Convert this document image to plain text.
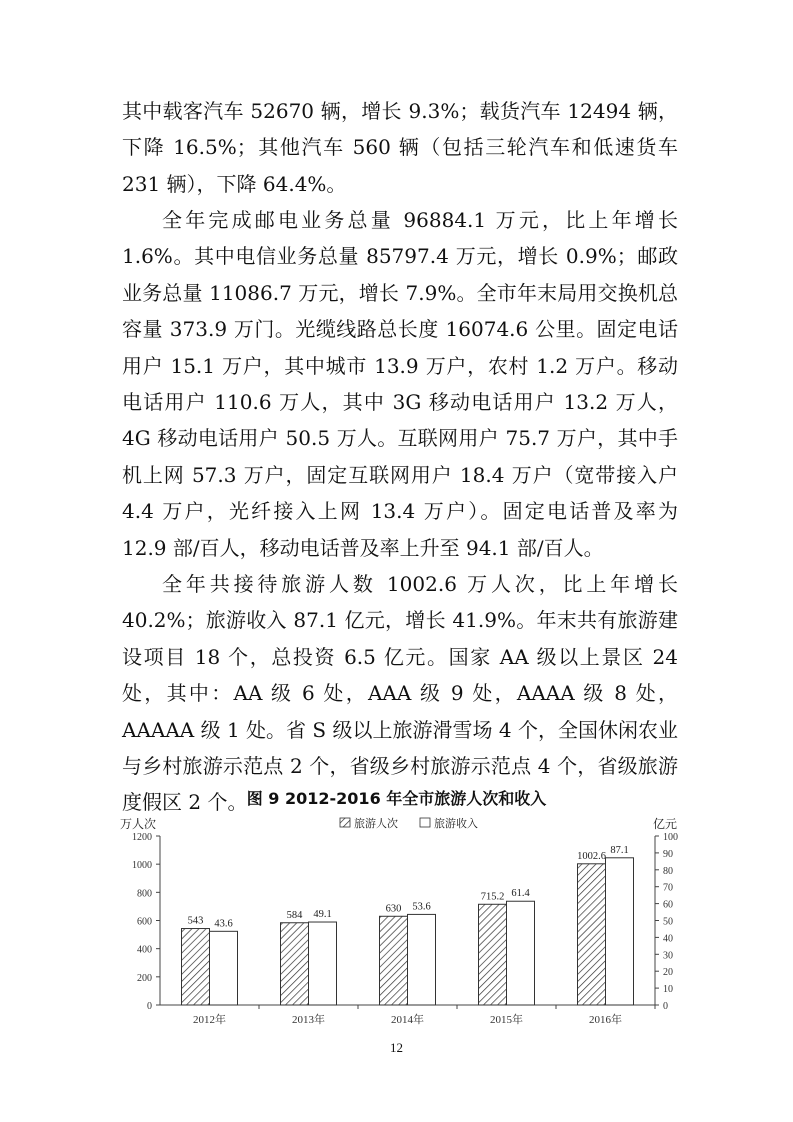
其中载客汽车 52670 辆，增长 9.3%；载货汽车 12494 辆，下降 16.5%；其他汽车 560 辆（包括三轮汽车和低速货车 231 辆），下降 64.4%。

全年完成邮电业务总量 96884.1 万元，比上年增长 1.6%。其中电信业务总量 85797.4 万元，增长 0.9%；邮政业务总量 11086.7 万元，增长 7.9%。全市年末局用交换机总容量 373.9 万门。光缆线路总长度 16074.6 公里。固定电话用户 15.1 万户，其中城市 13.9 万户，农村 1.2 万户。移动电话用户 110.6 万人，其中 3G 移动电话用户 13.2 万人，4G 移动电话用户 50.5 万人。互联网用户 75.7 万户，其中手机上网 57.3 万户，固定互联网用户 18.4 万户（宽带接入户 4.4 万户，光纤接入上网 13.4 万户）。固定电话普及率为 12.9 部/百人，移动电话普及率上升至 94.1 部/百人。

全年共接待旅游人数 1002.6 万人次，比上年增长 40.2%；旅游收入 87.1 亿元，增长 41.9%。年末共有旅游建设项目 18 个，总投资 6.5 亿元。国家 AA 级以上景区 24 处，其中：AA 级 6 处，AAA 级 9 处，AAAA 级 8 处，AAAAA 级 1 处。省 S 级以上旅游滑雪场 4 个，全国休闲农业与乡村旅游示范点 2 个，省级乡村旅游示范点 4 个，省级旅游度假区 2 个。 图 9 2012-2016 年全市旅游人次和收入
万人次	亿元
0
200
400
600
800
1000
1200
0
10
20
30
40
50
60
70
80
90
100
2012年	2013年	2014年	2015年	2016年
543 43.6
584 49.1
630 53.6
715.2 61.4
1002.6
87.1
旅游人次	旅游收入
12
